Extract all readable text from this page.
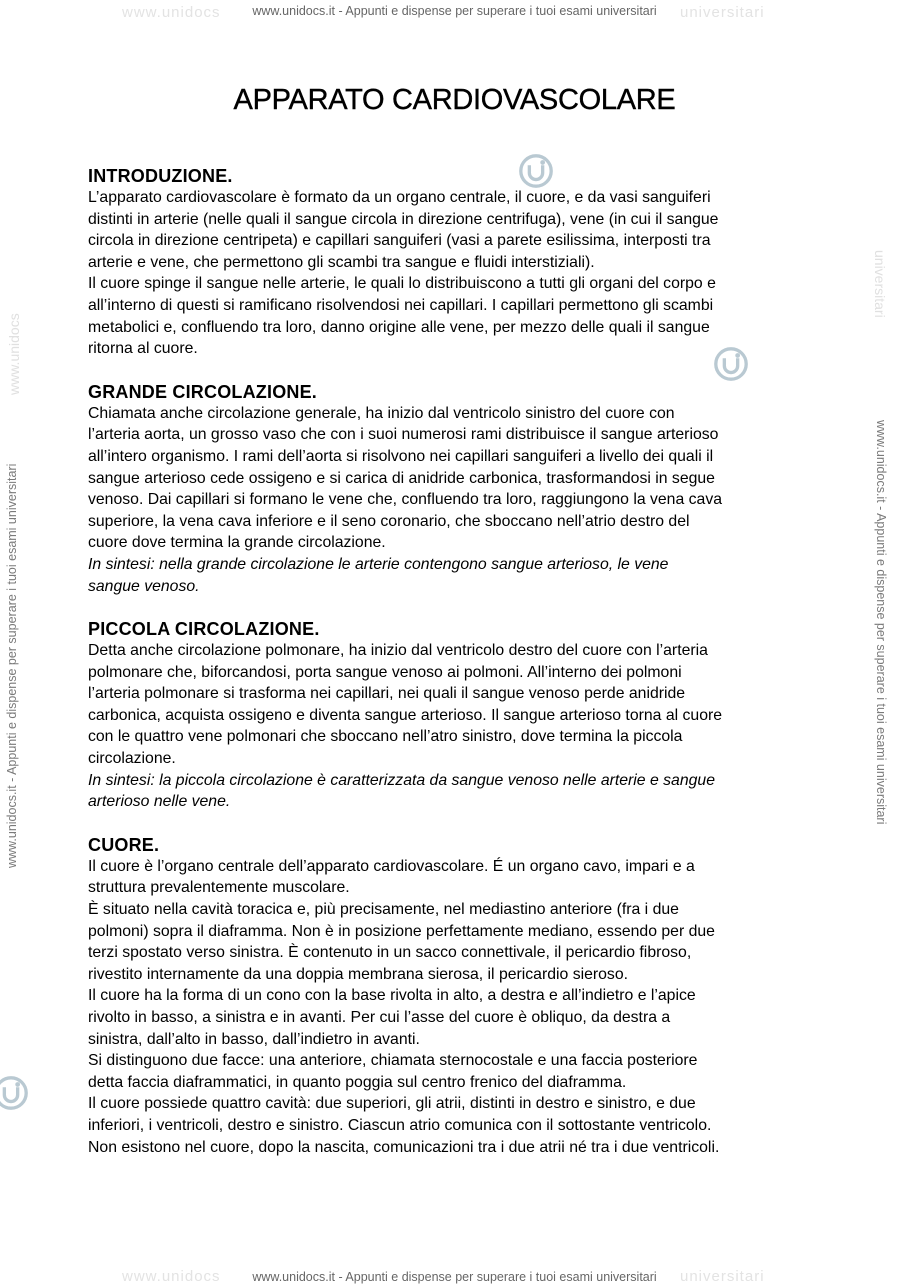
www.unidocs	universitari
www.unidocs	universitari
www.unidocs
universitari
www.unidocs.it - Appunti e dispense per superare i tuoi esami universitari
www.unidocs.it - Appunti e dispense per superare i tuoi esami universitari
www.unidocs.it - Appunti e dispense per superare i tuoi esami universitari
www.unidocs.it - Appunti e dispense per superare i tuoi esami universitari
APPARATO CARDIOVASCOLARE

INTRODUZIONE.

L’apparato cardiovascolare è formato da un organo centrale, il cuore, e da vasi sanguiferi

distinti in arterie (nelle quali il sangue circola in direzione centrifuga), vene (in cui il sangue

circola in direzione centripeta) e capillari sanguiferi (vasi a parete esilissima, interposti tra

arterie e vene, che permettono gli scambi tra sangue e fluidi interstiziali).

Il cuore spinge il sangue nelle arterie, le quali lo distribuiscono a tutti gli organi del corpo e

all’interno di questi si ramificano risolvendosi nei capillari. I capillari permettono gli scambi

metabolici e, confluendo tra loro, danno origine alle vene, per mezzo delle quali il sangue

ritorna al cuore.

GRANDE CIRCOLAZIONE.

Chiamata anche circolazione generale, ha inizio dal ventricolo sinistro del cuore con

l’arteria aorta, un grosso vaso che con i suoi numerosi rami distribuisce il sangue arterioso

all’intero organismo. I rami dell’aorta si risolvono nei capillari sanguiferi a livello dei quali il

sangue arterioso cede ossigeno e si carica di anidride carbonica, trasformandosi in segue

venoso. Dai capillari si formano le vene che, confluendo tra loro, raggiungono la vena cava

superiore, la vena cava inferiore e il seno coronario, che sboccano nell’atrio destro del

cuore dove termina la grande circolazione.

In sintesi: nella grande circolazione le arterie contengono sangue arterioso, le vene

sangue venoso.

PICCOLA CIRCOLAZIONE.

Detta anche circolazione polmonare, ha inizio dal ventricolo destro del cuore con l’arteria

polmonare che, biforcandosi, porta sangue venoso ai polmoni. All’interno dei polmoni

l’arteria polmonare si trasforma nei capillari, nei quali il sangue venoso perde anidride

carbonica, acquista ossigeno e diventa sangue arterioso. Il sangue arterioso torna al cuore

con le quattro vene polmonari che sboccano nell’atro sinistro, dove termina la piccola

circolazione.

In sintesi: la piccola circolazione è caratterizzata da sangue venoso nelle arterie e sangue

arterioso nelle vene.

CUORE.

Il cuore è l’organo centrale dell’apparato cardiovascolare. É un organo cavo, impari e a

struttura prevalentemente muscolare.

È situato nella cavità toracica e, più precisamente, nel mediastino anteriore (fra i due

polmoni) sopra il diaframma. Non è in posizione perfettamente mediano, essendo per due

terzi spostato verso sinistra. È contenuto in un sacco connettivale, il pericardio fibroso,

rivestito internamente da una doppia membrana sierosa, il pericardio sieroso.

Il cuore ha la forma di un cono con la base rivolta in alto, a destra e all’indietro e l’apice

rivolto in basso, a sinistra e in avanti. Per cui l’asse del cuore è obliquo, da destra a

sinistra, dall’alto in basso, dall’indietro in avanti.

Si distinguono due facce: una anteriore, chiamata sternocostale e una faccia posteriore

detta faccia diaframmatici, in quanto poggia sul centro frenico del diaframma.

Il cuore possiede quattro cavità: due superiori, gli atrii, distinti in destro e sinistro, e due

inferiori, i ventricoli, destro e sinistro. Ciascun atrio comunica con il sottostante ventricolo.

Non esistono nel cuore, dopo la nascita, comunicazioni tra i due atrii né tra i due ventricoli.
